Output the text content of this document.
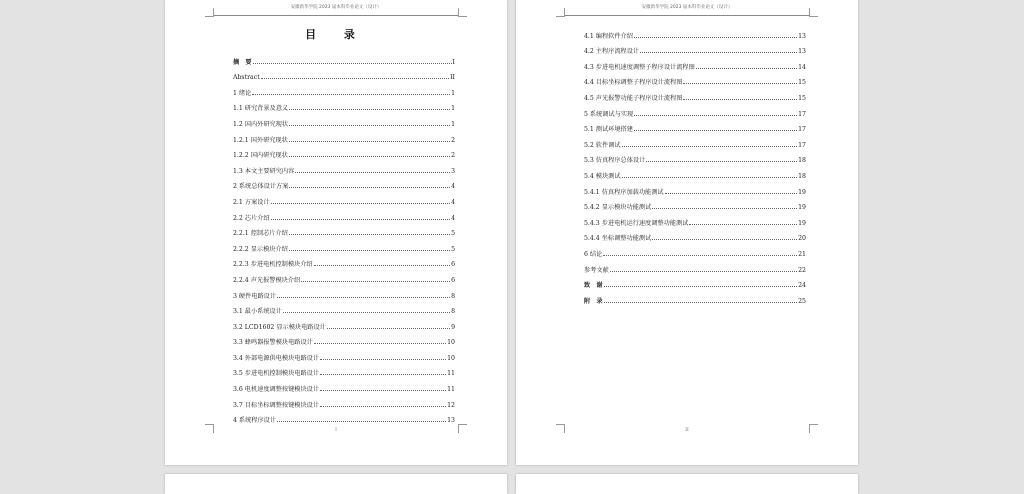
安徽新华学院 2023 届本科毕业论文（设计）
目 录
摘　要	I
Abstract	II
1 绪论	1
1.1 研究背景及意义	1
1.2 国内外研究现状	1
1.2.1 国外研究现状	2
1.2.2 国内研究现状	2
1.3 本文主要研究内容	3
2 系统总体设计方案	4
2.1 方案设计	4
2.2 芯片介绍	4
2.2.1 控制芯片介绍	5
2.2.2 显示模块介绍	5
2.2.3 步进电机控制模块介绍	6
2.2.4 声光报警模块介绍	6
3 硬件电路设计	8
3.1 最小系统设计	8
3.2 LCD1602 显示模块电路设计	9
3.3 蜂鸣器报警模块电路设计	10
3.4 外部电源供电模块电路设计	10
3.5 步进电机控制模块电路设计	11
3.6 电机速度调整按键模块设计	11
3.7 目标坐标调整按键模块设计	12
4 系统程序设计	13
I
安徽新华学院 2023 届本科毕业论文（设计）
4.1 编程软件介绍	13
4.2 主程序流程设计	13
4.3 步进电机速度调整子程序设计流程图	14
4.4 目标坐标调整子程序设计流程图	15
4.5 声光报警功能子程序设计流程图	15
5 系统调试与实现	17
5.1 测试环境搭建	17
5.2 软件调试	17
5.3 仿真程序总体设计	18
5.4 模块测试	18
5.4.1 仿真程序加载功能测试	19
5.4.2 显示模块功能测试	19
5.4.3 步进电机运行速度调整功能测试	19
5.4.4 坐标调整功能测试	20
6 结论	21
参考文献	22
致　谢	24
附　录	25
II
